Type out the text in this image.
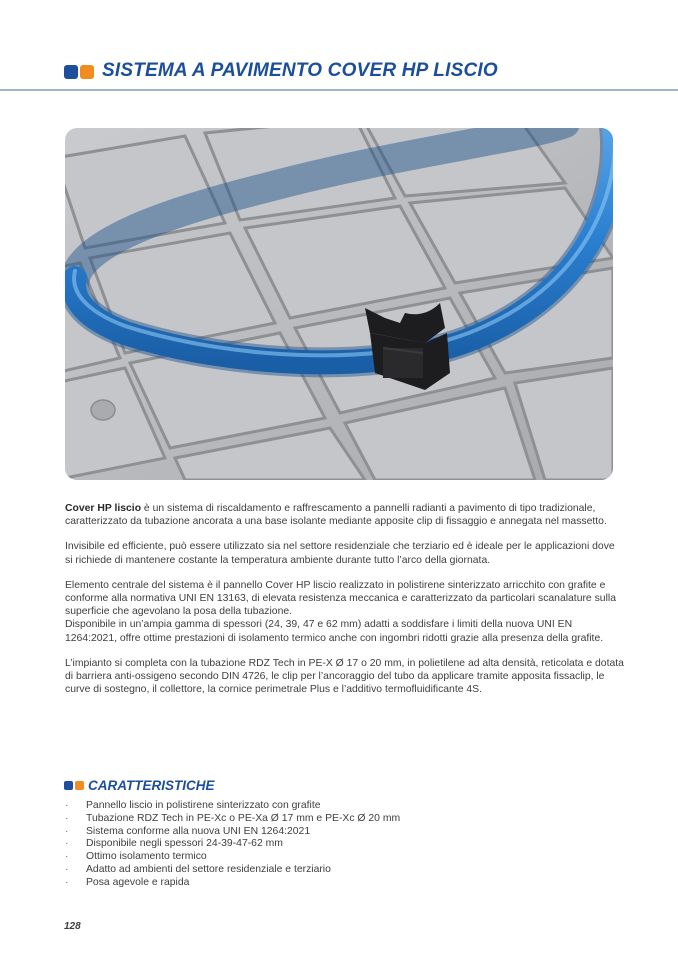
SISTEMA A PAVIMENTO COVER HP LISCIO

Cover HP liscio è un sistema di riscaldamento e raffrescamento a pannelli radianti a pavimento di tipo tradizionale, caratterizzato da tubazione ancorata a una base isolante mediante apposite clip di fissaggio e annegata nel massetto.

Invisibile ed efficiente, può essere utilizzato sia nel settore residenziale che terziario ed è ideale per le applicazioni dove si richiede di mantenere costante la temperatura ambiente durante tutto l’arco della giornata.

Elemento centrale del sistema è il pannello Cover HP liscio realizzato in polistirene sinterizzato arricchito con grafite e conforme alla normativa UNI EN 13163, di elevata resistenza meccanica e caratterizzato da particolari scanalature sulla superficie che agevolano la posa della tubazione.

Disponibile in un’ampia gamma di spessori (24, 39, 47 e 62 mm) adatti a soddisfare i limiti della nuova UNI EN 1264:2021, offre ottime prestazioni di isolamento termico anche con ingombri ridotti grazie alla presenza della grafite.

L’impianto si completa con la tubazione RDZ Tech in PE-X Ø 17 o 20 mm, in polietilene ad alta densità, reticolata e dotata di barriera anti-ossigeno secondo DIN 4726, le clip per l’ancoraggio del tubo da applicare tramite apposita fissaclip, le curve di sostegno, il collettore, la cornice perimetrale Plus e l’additivo termofluidificante 4S.

CARATTERISTICHE
· Pannello liscio in polistirene sinterizzato con grafite
· Tubazione RDZ Tech in PE-Xc o PE-Xa Ø 17 mm e PE-Xc Ø 20 mm
· Sistema conforme alla nuova UNI EN 1264:2021
· Disponibile negli spessori 24-39-47-62 mm
· Ottimo isolamento termico
· Adatto ad ambienti del settore residenziale e terziario
· Posa agevole e rapida
128
